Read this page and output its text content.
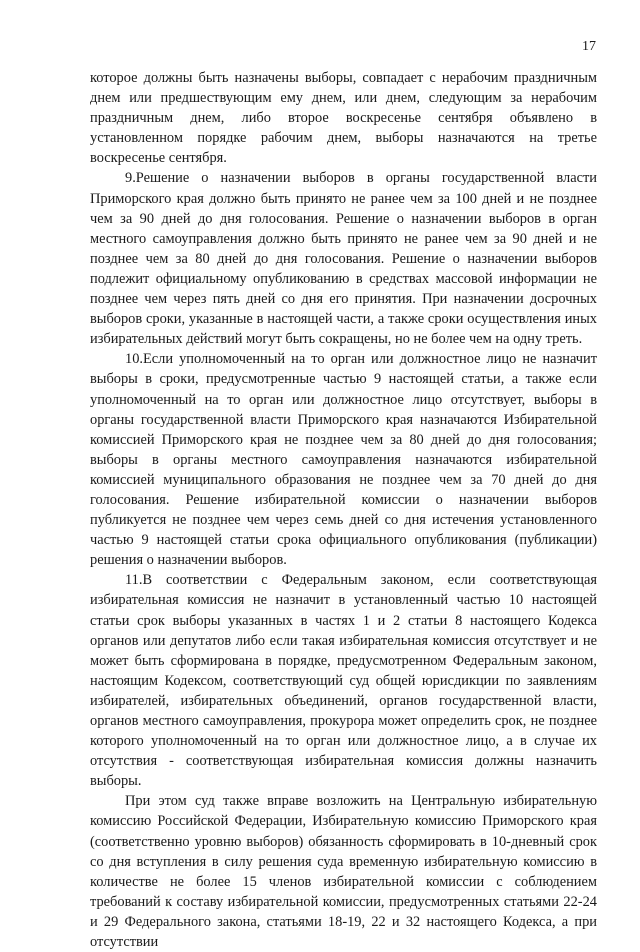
17

которое должны быть назначены выборы, совпадает с нерабочим праздничным днем или предшествующим ему днем, или днем, следующим за нерабочим праздничным днем, либо второе воскресенье сентября объявлено в установленном порядке рабочим днем, выборы назначаются на третье воскресенье сентября.

9.Решение о назначении выборов в органы государственной власти Приморского края должно быть принято не ранее чем за 100 дней и не позднее чем за 90 дней до дня голосования. Решение о назначении выборов в орган местного самоуправления должно быть принято не ранее чем за 90 дней и не позднее чем за 80 дней до дня голосования. Решение о назначении выборов подлежит официальному опубликованию в средствах массовой информации не позднее чем через пять дней со дня его принятия. При назначении досрочных выборов сроки, указанные в настоящей части, а также сроки осуществления иных избирательных действий могут быть сокращены, но не более чем на одну треть.

10.Если уполномоченный на то орган или должностное лицо не назначит выборы в сроки, предусмотренные частью 9 настоящей статьи, а также если уполномоченный на то орган или должностное лицо отсутствует, выборы в органы государственной власти Приморского края назначаются Избирательной комиссией Приморского края не позднее чем за 80 дней до дня голосования; выборы в органы местного самоуправления назначаются избирательной комиссией муниципального образования не позднее чем за 70 дней до дня голосования. Решение избирательной комиссии о назначении выборов публикуется не позднее чем через семь дней со дня истечения установленного частью 9 настоящей статьи срока официального опубликования (публикации) решения о назначении выборов.

11.В соответствии с Федеральным законом, если соответствующая избирательная комиссия не назначит в установленный частью 10 настоящей статьи срок выборы указанных в частях 1 и 2 статьи 8 настоящего Кодекса органов или депутатов либо если такая избирательная комиссия отсутствует и не может быть сформирована в порядке, предусмотренном Федеральным законом, настоящим Кодексом, соответствующий суд общей юрисдикции по заявлениям избирателей, избирательных объединений, органов государственной власти, органов местного самоуправления, прокурора может определить срок, не позднее которого уполномоченный на то орган или должностное лицо, а в случае их отсутствия - соответствующая избирательная комиссия должны назначить выборы.

При этом суд также вправе возложить на Центральную избирательную комиссию Российской Федерации, Избирательную комиссию Приморского края (соответственно уровню выборов) обязанность сформировать в 10-дневный срок со дня вступления в силу решения суда временную избирательную комиссию в количестве не более 15 членов избирательной комиссии с соблюдением требований к составу избирательной комиссии, предусмотренных статьями 22-24 и 29 Федерального закона, статьями 18-19, 22 и 32 настоящего Кодекса, а при отсутствии
